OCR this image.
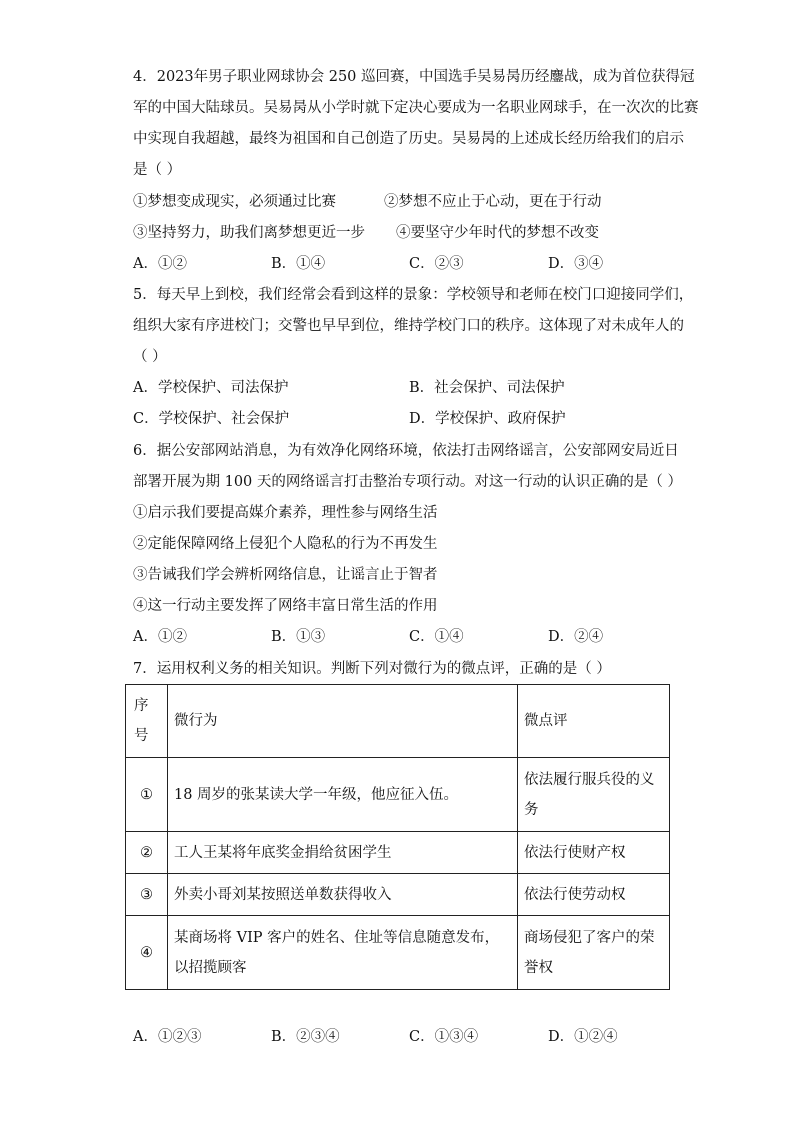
4．2023年男子职业网球协会 250 巡回赛，中国选手吴易昺历经鏖战，成为首位获得冠
军的中国大陆球员。吴易昺从小学时就下定决心要成为一名职业网球手，在一次次的比赛
中实现自我超越，最终为祖国和自己创造了历史。吴易昺的上述成长经历给我们的启示
是（ ）
①梦想变成现实，必须通过比赛	②梦想不应止于心动，更在于行动
③坚持努力，助我们离梦想更近一步 ④要坚守少年时代的梦想不改变
A．①②	B．①④	C．②③	D．③④
5．每天早上到校，我们经常会看到这样的景象：学校领导和老师在校门口迎接同学们，
组织大家有序进校门；交警也早早到位，维持学校门口的秩序。这体现了对未成年人的
（ ）
A．学校保护、司法保护	B．社会保护、司法保护
C．学校保护、社会保护	D．学校保护、政府保护
6．据公安部网站消息，为有效净化网络环境，依法打击网络谣言，公安部网安局近日
部署开展为期 100 天的网络谣言打击整治专项行动。对这一行动的认识正确的是（ ）
①启示我们要提高媒介素养，理性参与网络生活
②定能保障网络上侵犯个人隐私的行为不再发生
③告诫我们学会辨析网络信息，让谣言止于智者
④这一行动主要发挥了网络丰富日常生活的作用
A．①②	B．①③	C．①④	D．②④
7．运用权利义务的相关知识。判断下列对微行为的微点评，正确的是（ ）
序号	微行为	微点评
①	18 周岁的张某读大学一年级，他应征入伍。	依法履行服兵役的义务

②	工人王某将年底奖金捐给贫困学生	依法行使财产权
③	外卖小哥刘某按照送单数获得收入	依法行使劳动权
④	某商场将 VIP 客户的姓名、住址等信息随意发布，以招揽顾客	商场侵犯了客户的荣誉权
A．①②③	B．②③④	C．①③④	D．①②④
